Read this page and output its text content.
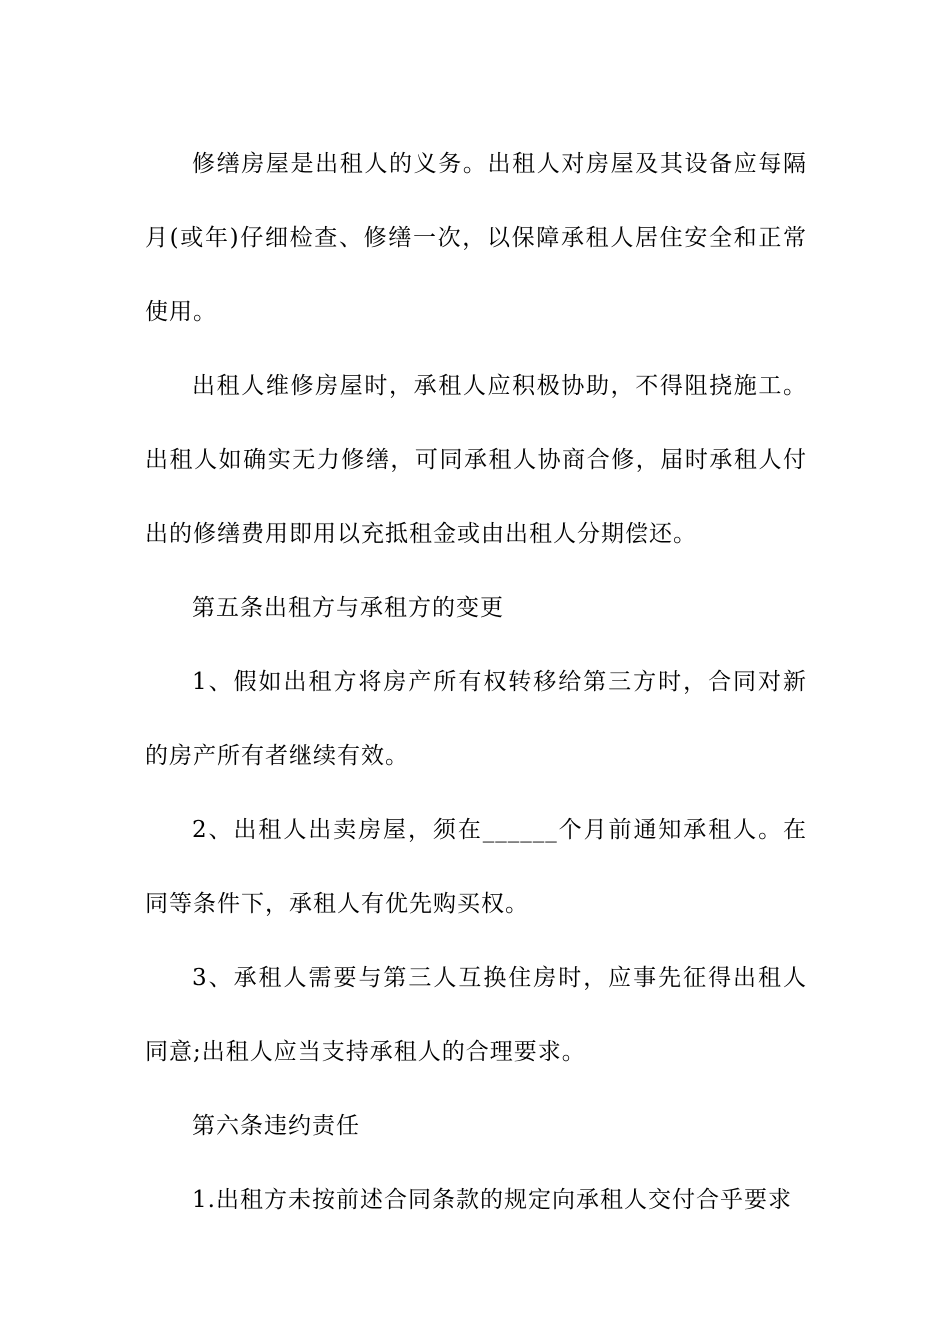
修缮房屋是出租人的义务。出租人对房屋及其设备应每隔月(或年)仔细检查、修缮一次，以保障承租人居住安全和正常使用。

出租人维修房屋时，承租人应积极协助，不得阻挠施工。出租人如确实无力修缮，可同承租人协商合修，届时承租人付出的修缮费用即用以充抵租金或由出租人分期偿还。

第五条出租方与承租方的变更

1、假如出租方将房产所有权转移给第三方时，合同对新的房产所有者继续有效。

2、出租人出卖房屋，须在______个月前通知承租人。在同等条件下，承租人有优先购买权。

3、承租人需要与第三人互换住房时，应事先征得出租人同意;出租人应当支持承租人的合理要求。

第六条违约责任

1.出租方未按前述合同条款的规定向承租人交付合乎要求
